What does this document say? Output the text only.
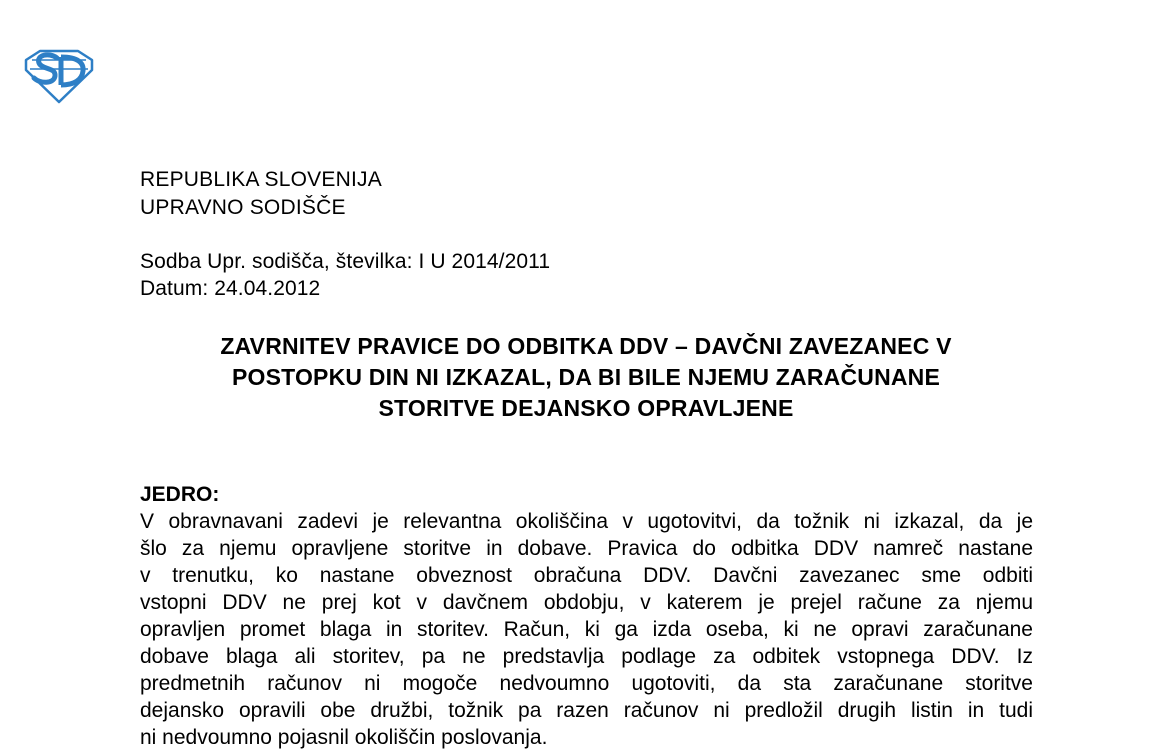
REPUBLIKA SLOVENIJA
UPRAVNO SODIŠČE
Sodba Upr. sodišča, številka: I U 2014/2011
Datum: 24.04.2012
ZAVRNITEV PRAVICE DO ODBITKA DDV – DAVČNI ZAVEZANEC V
POSTOPKU DIN NI IZKAZAL, DA BI BILE NJEMU ZARAČUNANE
STORITVE DEJANSKO OPRAVLJENE
JEDRO:
V obravnavani zadevi je relevantna okoliščina v ugotovitvi, da tožnik ni izkazal, da je
šlo za njemu opravljene storitve in dobave. Pravica do odbitka DDV namreč nastane
v trenutku, ko nastane obveznost obračuna DDV. Davčni zavezanec sme odbiti
vstopni DDV ne prej kot v davčnem obdobju, v katerem je prejel račune za njemu
opravljen promet blaga in storitev. Račun, ki ga izda oseba, ki ne opravi zaračunane
dobave blaga ali storitev, pa ne predstavlja podlage za odbitek vstopnega DDV. Iz
predmetnih računov ni mogoče nedvoumno ugotoviti, da sta zaračunane storitve
dejansko opravili obe družbi, tožnik pa razen računov ni predložil drugih listin in tudi
ni nedvoumno pojasnil okoliščin poslovanja.
